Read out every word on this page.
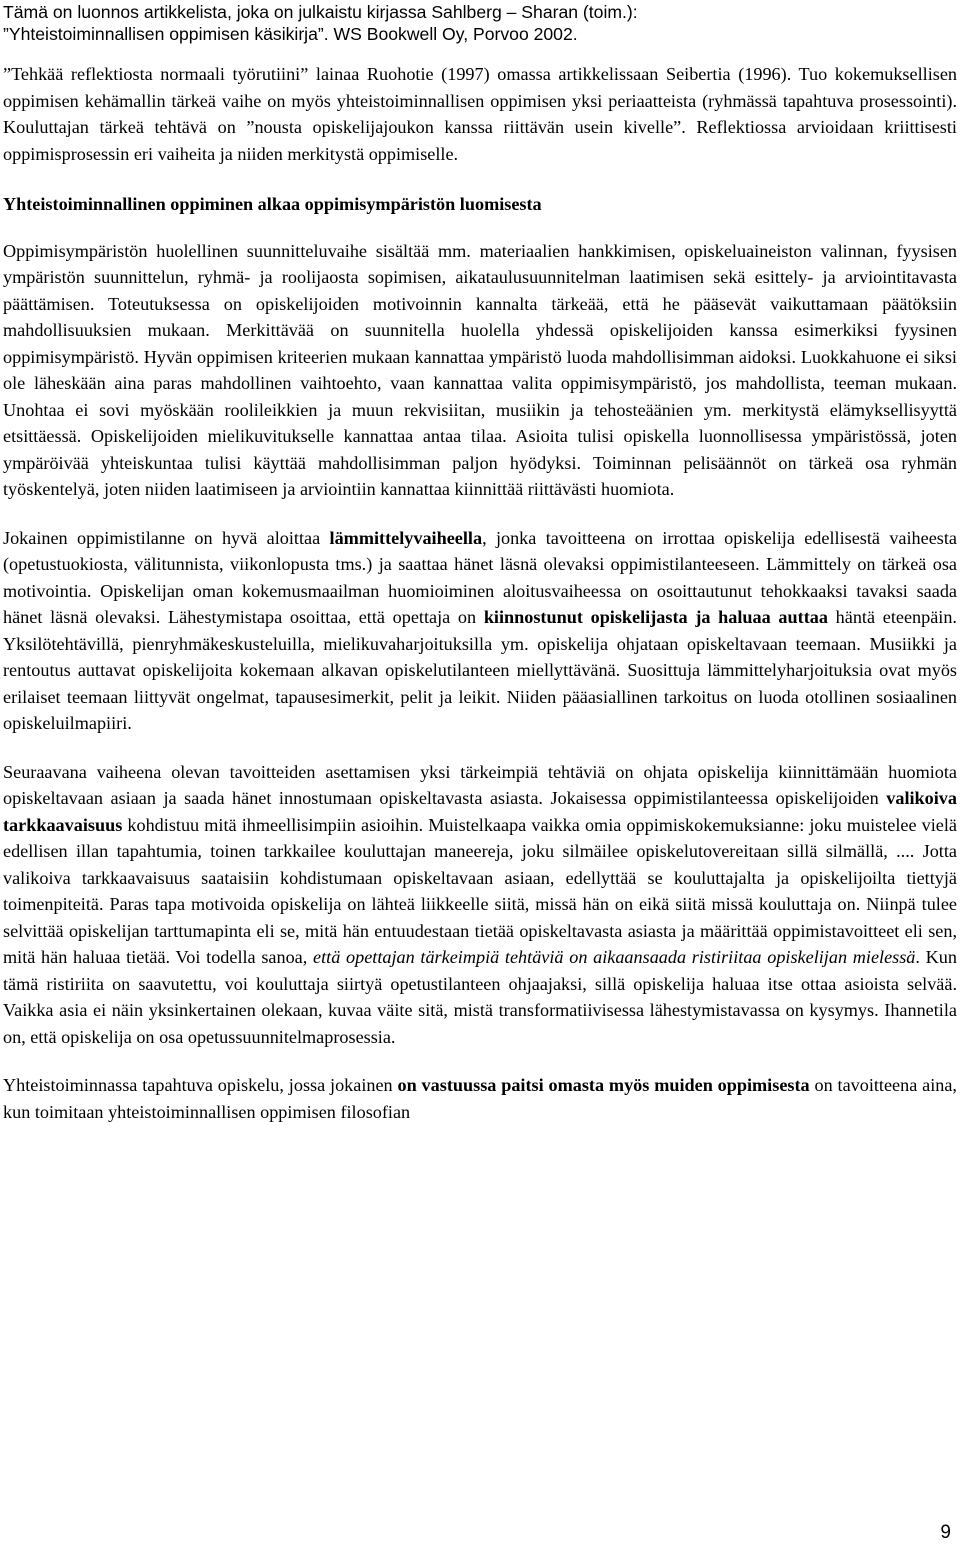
Tämä on luonnos artikkelista, joka on julkaistu kirjassa Sahlberg – Sharan (toim.):
”Yhteistoiminnallisen oppimisen käsikirja”. WS Bookwell Oy, Porvoo 2002.

”Tehkää reflektiosta normaali työrutiini” lainaa Ruohotie (1997) omassa artikkelissaan Seibertia (1996). Tuo kokemuksellisen oppimisen kehämallin tärkeä vaihe on myös yhteistoiminnallisen oppimisen yksi periaatteista (ryhmässä tapahtuva prosessointi). Kouluttajan tärkeä tehtävä on ”nousta opiskelijajoukon kanssa riittävän usein kivelle”. Reflektiossa arvioidaan kriittisesti oppimisprosessin eri vaiheita ja niiden merkitystä oppimiselle.

Yhteistoiminnallinen oppiminen alkaa oppimisympäristön luomisesta

Oppimisympäristön huolellinen suunnitteluvaihe sisältää mm. materiaalien hankkimisen, opiskeluaineiston valinnan, fyysisen ympäristön suunnittelun, ryhmä- ja roolijaosta sopimisen, aikataulusuunnitelman laatimisen sekä esittely- ja arviointitavasta päättämisen. Toteutuksessa on opiskelijoiden motivoinnin kannalta tärkeää, että he pääsevät vaikuttamaan päätöksiin mahdollisuuksien mukaan. Merkittävää on suunnitella huolella yhdessä opiskelijoiden kanssa esimerkiksi fyysinen oppimisympäristö. Hyvän oppimisen kriteerien mukaan kannattaa ympäristö luoda mahdollisimman aidoksi. Luokkahuone ei siksi ole läheskään aina paras mahdollinen vaihtoehto, vaan kannattaa valita oppimisympäristö, jos mahdollista, teeman mukaan. Unohtaa ei sovi myöskään roolileikkien ja muun rekvisiitan, musiikin ja tehosteäänien ym. merkitystä elämyksellisyyttä etsittäessä. Opiskelijoiden mielikuvitukselle kannattaa antaa tilaa. Asioita tulisi opiskella luonnollisessa ympäristössä, joten ympäröivää yhteiskuntaa tulisi käyttää mahdollisimman paljon hyödyksi. Toiminnan pelisäännöt on tärkeä osa ryhmän työskentelyä, joten niiden laatimiseen ja arviointiin kannattaa kiinnittää riittävästi huomiota.

Jokainen oppimistilanne on hyvä aloittaa lämmittelyvaiheella, jonka tavoitteena on irrottaa opiskelija edellisestä vaiheesta (opetustuokiosta, välitunnista, viikonlopusta tms.) ja saattaa hänet läsnä olevaksi oppimistilanteeseen. Lämmittely on tärkeä osa motivointia. Opiskelijan oman kokemusmaailman huomioiminen aloitusvaiheessa on osoittautunut tehokkaaksi tavaksi saada hänet läsnä olevaksi. Lähestymistapa osoittaa, että opettaja on kiinnostunut opiskelijasta ja haluaa auttaa häntä eteenpäin. Yksilötehtävillä, pienryhmäkeskusteluilla, mielikuvaharjoituksilla ym. opiskelija ohjataan opiskeltavaan teemaan. Musiikki ja rentoutus auttavat opiskelijoita kokemaan alkavan opiskelutilanteen miellyttävänä. Suosittuja lämmittelyharjoituksia ovat myös erilaiset teemaan liittyvät ongelmat, tapausesimerkit, pelit ja leikit. Niiden pääasiallinen tarkoitus on luoda otollinen sosiaalinen opiskeluilmapiiri.

Seuraavana vaiheena olevan tavoitteiden asettamisen yksi tärkeimpiä tehtäviä on ohjata opiskelija kiinnittämään huomiota opiskeltavaan asiaan ja saada hänet innostumaan opiskeltavasta asiasta. Jokaisessa oppimistilanteessa opiskelijoiden valikoiva tarkkaavaisuus kohdistuu mitä ihmeellisimpiin asioihin. Muistelkaapa vaikka omia oppimiskokemuksianne: joku muistelee vielä edellisen illan tapahtumia, toinen tarkkailee kouluttajan maneereja, joku silmäilee opiskelutovereitaan sillä silmällä, .... Jotta valikoiva tarkkaavaisuus saataisiin kohdistumaan opiskeltavaan asiaan, edellyttää se kouluttajalta ja opiskelijoilta tiettyjä toimenpiteitä. Paras tapa motivoida opiskelija on lähteä liikkeelle siitä, missä hän on eikä siitä missä kouluttaja on. Niinpä tulee selvittää opiskelijan tarttumapinta eli se, mitä hän entuudestaan tietää opiskeltavasta asiasta ja määrittää oppimistavoitteet eli sen, mitä hän haluaa tietää. Voi todella sanoa, että opettajan tärkeimpiä tehtäviä on aikaansaada ristiriitaa opiskelijan mielessä. Kun tämä ristiriita on saavutettu, voi kouluttaja siirtyä opetustilanteen ohjaajaksi, sillä opiskelija haluaa itse ottaa asioista selvää. Vaikka asia ei näin yksinkertainen olekaan, kuvaa väite sitä, mistä transformatiivisessa lähestymistavassa on kysymys. Ihannetila on, että opiskelija on osa opetussuunnitelmaprosessia.

Yhteistoiminnassa tapahtuva opiskelu, jossa jokainen on vastuussa paitsi omasta myös muiden oppimisesta on tavoitteena aina, kun toimitaan yhteistoiminnallisen oppimisen filosofian

9
